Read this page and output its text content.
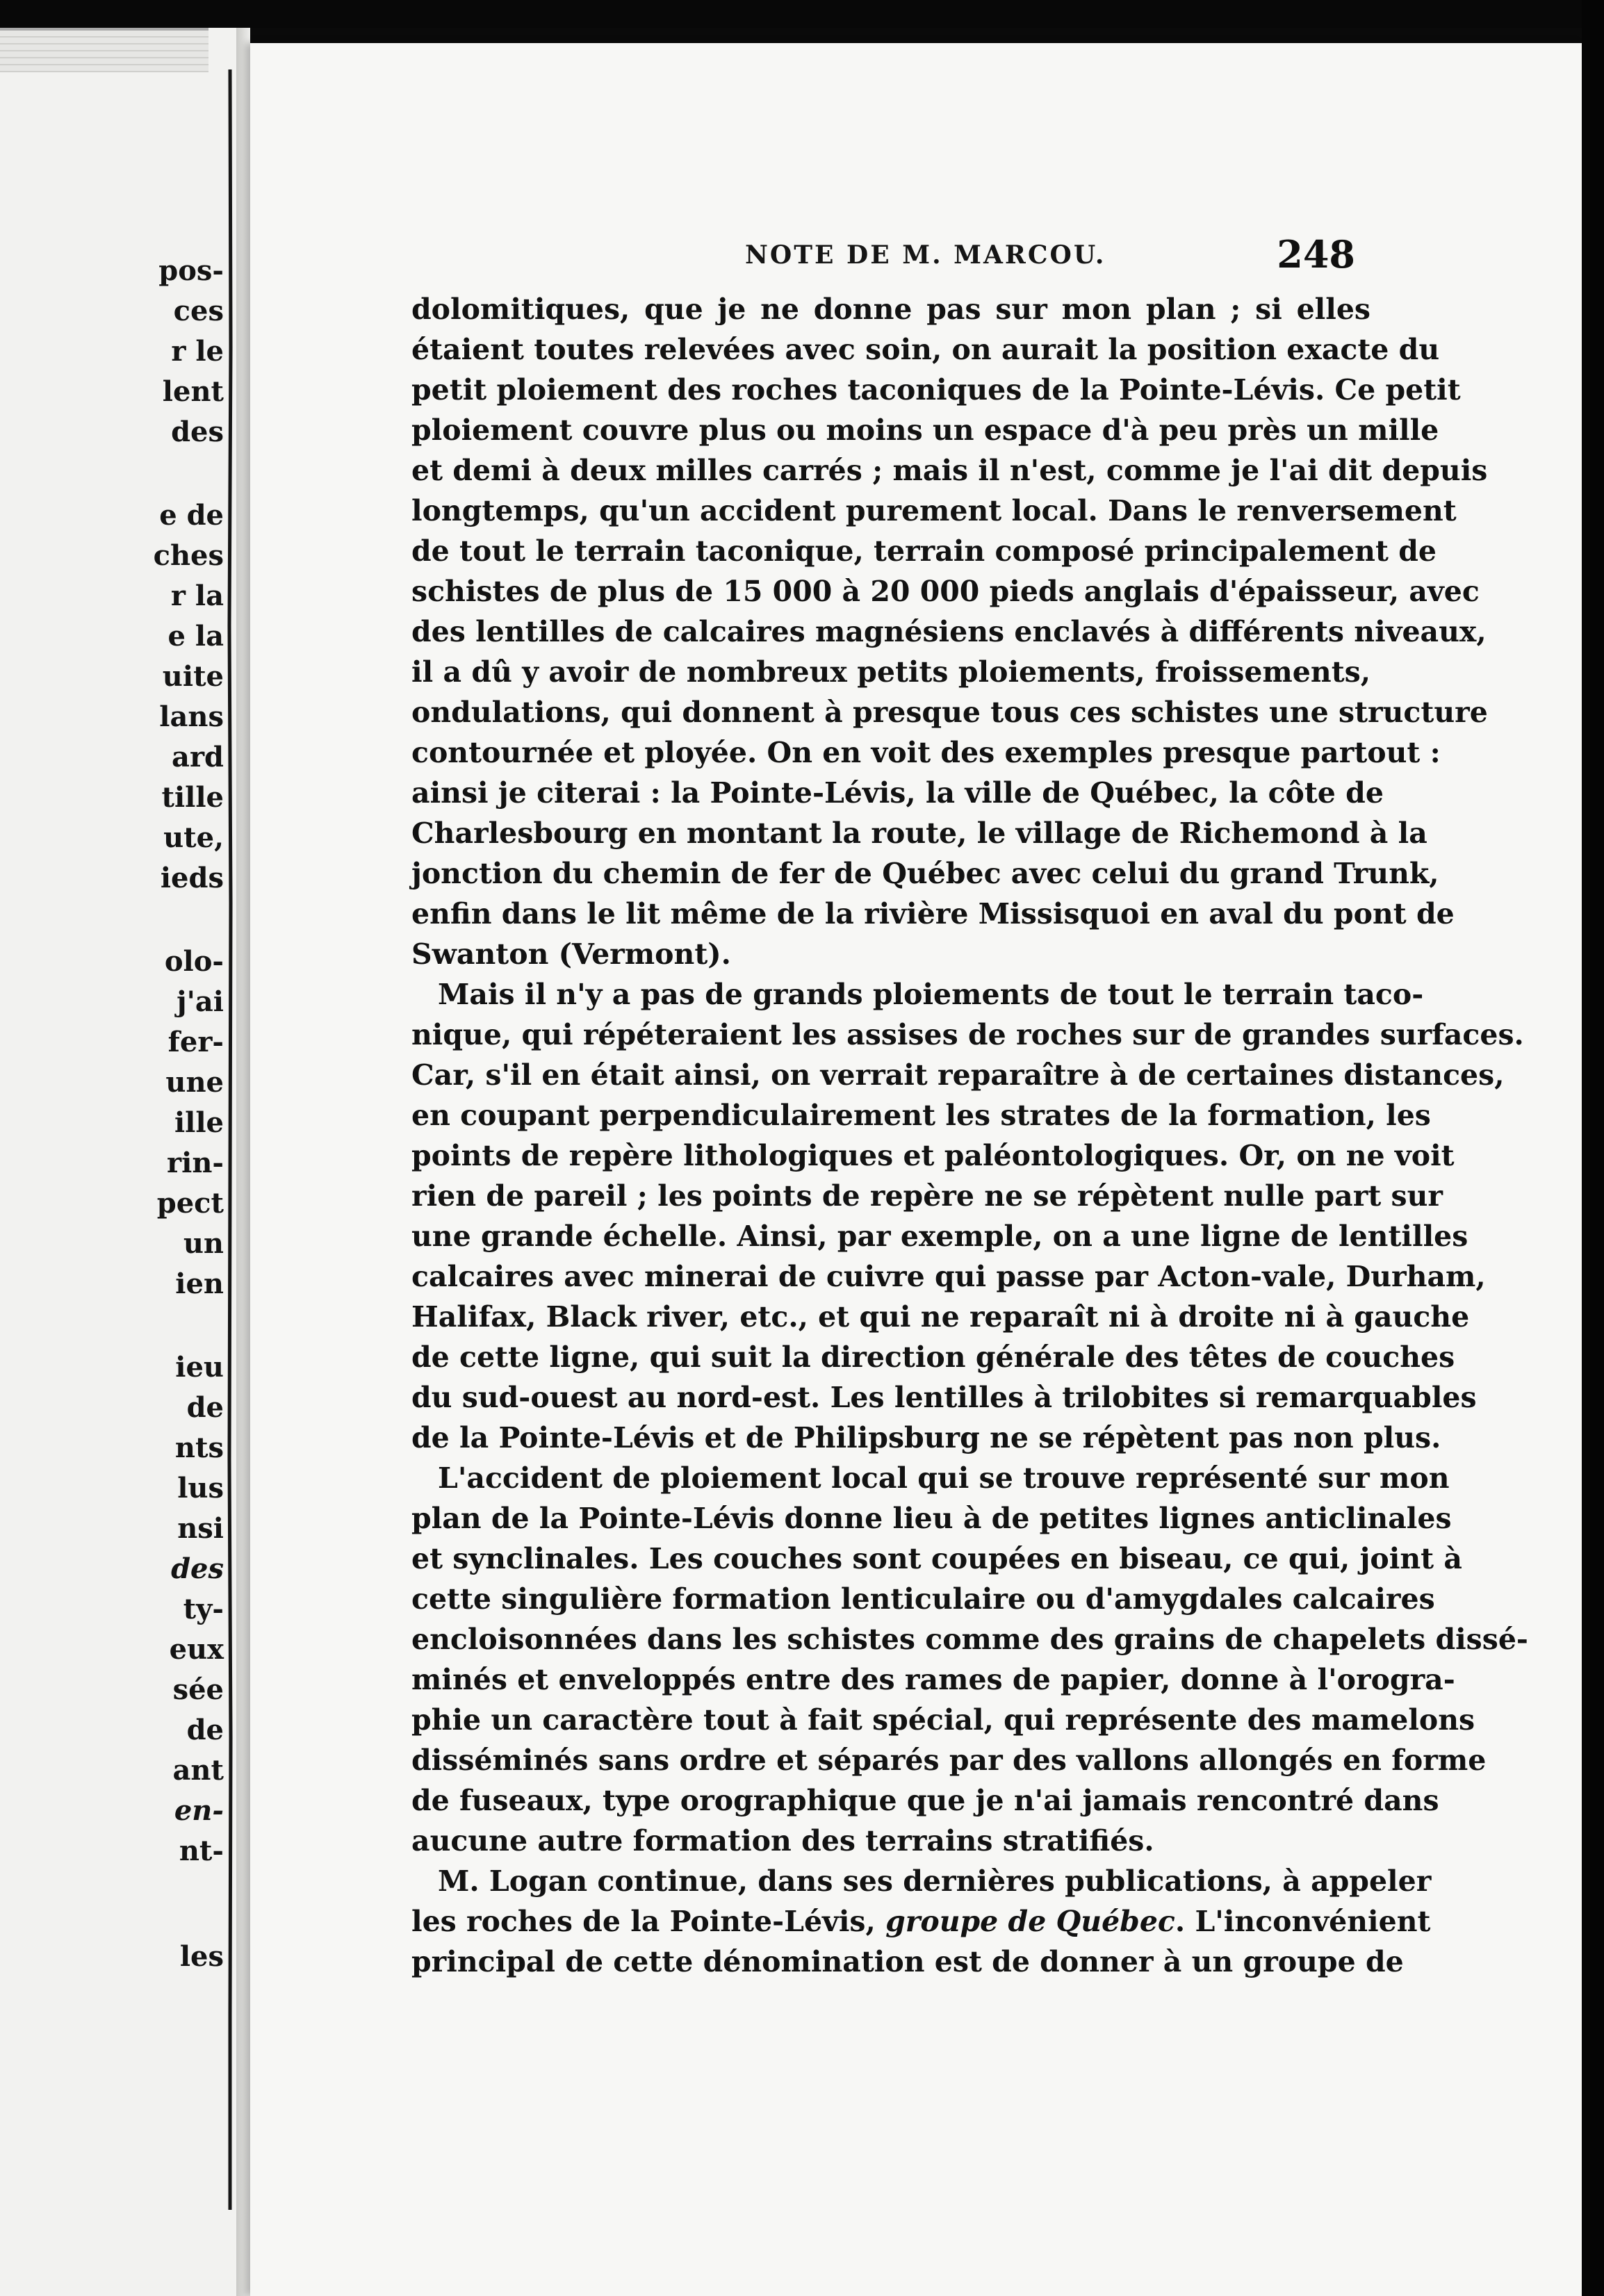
pos-
ces
r le
lent
des
e de
ches
r la
e la
uite
lans
ard
tille
ute,
ieds
olo-
j'ai
fer-
une
ille
rin-
pect
un
ien
ieu
de
nts
lus
nsi
des
ty-
eux
sée
de
ant
en-
nt-
les
NOTE DE M. MARCOU.	248
dolomitiques, que je ne donne pas sur mon plan ; si elles
étaient toutes relevées avec soin, on aurait la position exacte du
petit ploiement des roches taconiques de la Pointe-Lévis. Ce petit
ploiement couvre plus ou moins un espace d'à peu près un mille
et demi à deux milles carrés ; mais il n'est, comme je l'ai dit depuis
longtemps, qu'un accident purement local. Dans le renversement
de tout le terrain taconique, terrain composé principalement de
schistes de plus de 15 000 à 20 000 pieds anglais d'épaisseur, avec
des lentilles de calcaires magnésiens enclavés à différents niveaux,
il a dû y avoir de nombreux petits ploiements, froissements,
ondulations, qui donnent à presque tous ces schistes une structure
contournée et ployée. On en voit des exemples presque partout :
ainsi je citerai : la Pointe-Lévis, la ville de Québec, la côte de
Charlesbourg en montant la route, le village de Richemond à la
jonction du chemin de fer de Québec avec celui du grand Trunk,
enfin dans le lit même de la rivière Missisquoi en aval du pont de
Swanton (Vermont).
Mais il n'y a pas de grands ploiements de tout le terrain taco-
nique, qui répéteraient les assises de roches sur de grandes surfaces.
Car, s'il en était ainsi, on verrait reparaître à de certaines distances,
en coupant perpendiculairement les strates de la formation, les
points de repère lithologiques et paléontologiques. Or, on ne voit
rien de pareil ; les points de repère ne se répètent nulle part sur
une grande échelle. Ainsi, par exemple, on a une ligne de lentilles
calcaires avec minerai de cuivre qui passe par Acton-vale, Durham,
Halifax, Black river, etc., et qui ne reparaît ni à droite ni à gauche
de cette ligne, qui suit la direction générale des têtes de couches
du sud-ouest au nord-est. Les lentilles à trilobites si remarquables
de la Pointe-Lévis et de Philipsburg ne se répètent pas non plus.
L'accident de ploiement local qui se trouve représenté sur mon
plan de la Pointe-Lévis donne lieu à de petites lignes anticlinales
et synclinales. Les couches sont coupées en biseau, ce qui, joint à
cette singulière formation lenticulaire ou d'amygdales calcaires
encloisonnées dans les schistes comme des grains de chapelets dissé-
minés et enveloppés entre des rames de papier, donne à l'orogra-
phie un caractère tout à fait spécial, qui représente des mamelons
disséminés sans ordre et séparés par des vallons allongés en forme
de fuseaux, type orographique que je n'ai jamais rencontré dans
aucune autre formation des terrains stratifiés.
M. Logan continue, dans ses dernières publications, à appeler
les roches de la Pointe-Lévis, groupe de Québec. L'inconvénient
principal de cette dénomination est de donner à un groupe de
